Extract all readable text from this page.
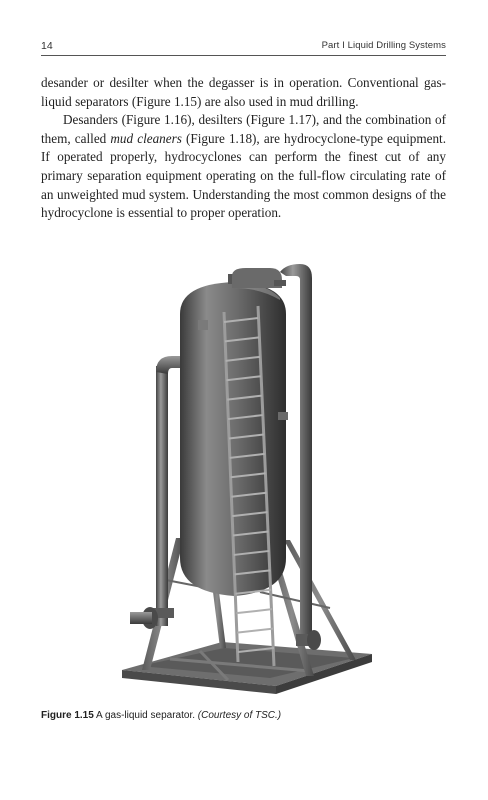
14	Part I Liquid Drilling Systems

desander or desilter when the degasser is in operation. Conventional gas-liquid separators (Figure 1.15) are also used in mud drilling.

Desanders (Figure 1.16), desilters (Figure 1.17), and the combination of them, called mud cleaners (Figure 1.18), are hydrocyclone-type equipment. If operated properly, hydrocyclones can perform the finest cut of any primary separation equipment operating on the full-flow circulating rate of an unweighted mud system. Understanding the most common designs of the hydrocyclone is essential to proper operation.

Figure 1.15 A gas-liquid separator. (Courtesy of TSC.)
